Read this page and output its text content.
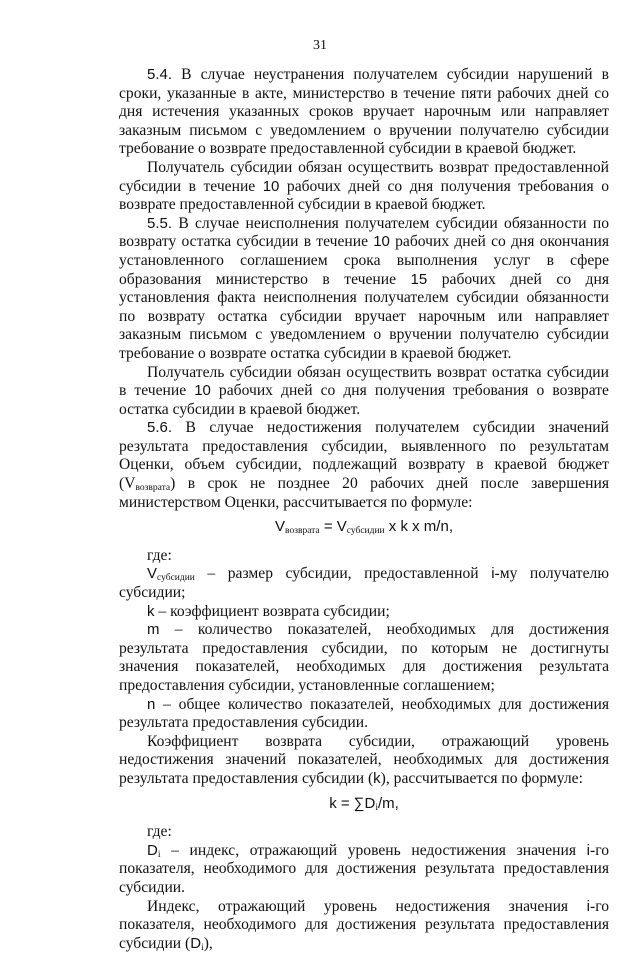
31

5.4. В случае неустранения получателем субсидии нарушений в сроки, указанные в акте, министерство в течение пяти рабочих дней со дня истечения указанных сроков вручает нарочным или направляет заказным письмом с уведомлением о вручении получателю субсидии требование о возврате предоставленной субсидии в краевой бюджет.

Получатель субсидии обязан осуществить возврат предоставленной субсидии в течение 10 рабочих дней со дня получения требования о возврате предоставленной субсидии в краевой бюджет.

5.5. В случае неисполнения получателем субсидии обязанности по возврату остатка субсидии в течение 10 рабочих дней со дня окончания установленного соглашением срока выполнения услуг в сфере образования министерство в течение 15 рабочих дней со дня установления факта неисполнения получателем субсидии обязанности по возврату остатка субсидии вручает нарочным или направляет заказным письмом с уведомлением о вручении получателю субсидии требование о возврате остатка субсидии в краевой бюджет.

Получатель субсидии обязан осуществить возврат остатка субсидии в течение 10 рабочих дней со дня получения требования о возврате остатка субсидии в краевой бюджет.

5.6. В случае недостижения получателем субсидии значений результата предоставления субсидии, выявленного по результатам Оценки, объем субсидии, подлежащий возврату в краевой бюджет $(V_{возврата})$ в срок не позднее 20 рабочих дней после завершения министерством Оценки, рассчитывается по формуле:

$V_{возврата} = V_{субсидии}$ x k x m/n,

где:

$V_{субсидии}$ – размер субсидии, предоставленной i-му получателю субсидии;

k – коэффициент возврата субсидии;

m – количество показателей, необходимых для достижения результата предоставления субсидии, по которым не достигнуты значения показателей, необходимых для достижения результата предоставления субсидии, установленные соглашением;

n – общее количество показателей, необходимых для достижения результата предоставления субсидии.

Коэффициент возврата субсидии, отражающий уровень недостижения значений показателей, необходимых для достижения результата предоставления субсидии (k), рассчитывается по формуле:

$k = \sum D_i/m$,

где:

$D_i$ – индекс, отражающий уровень недостижения значения i-го показателя, необходимого для достижения результата предоставления субсидии.

Индекс, отражающий уровень недостижения значения i-го показателя, необходимого для достижения результата предоставления субсидии $(D_i)$,
